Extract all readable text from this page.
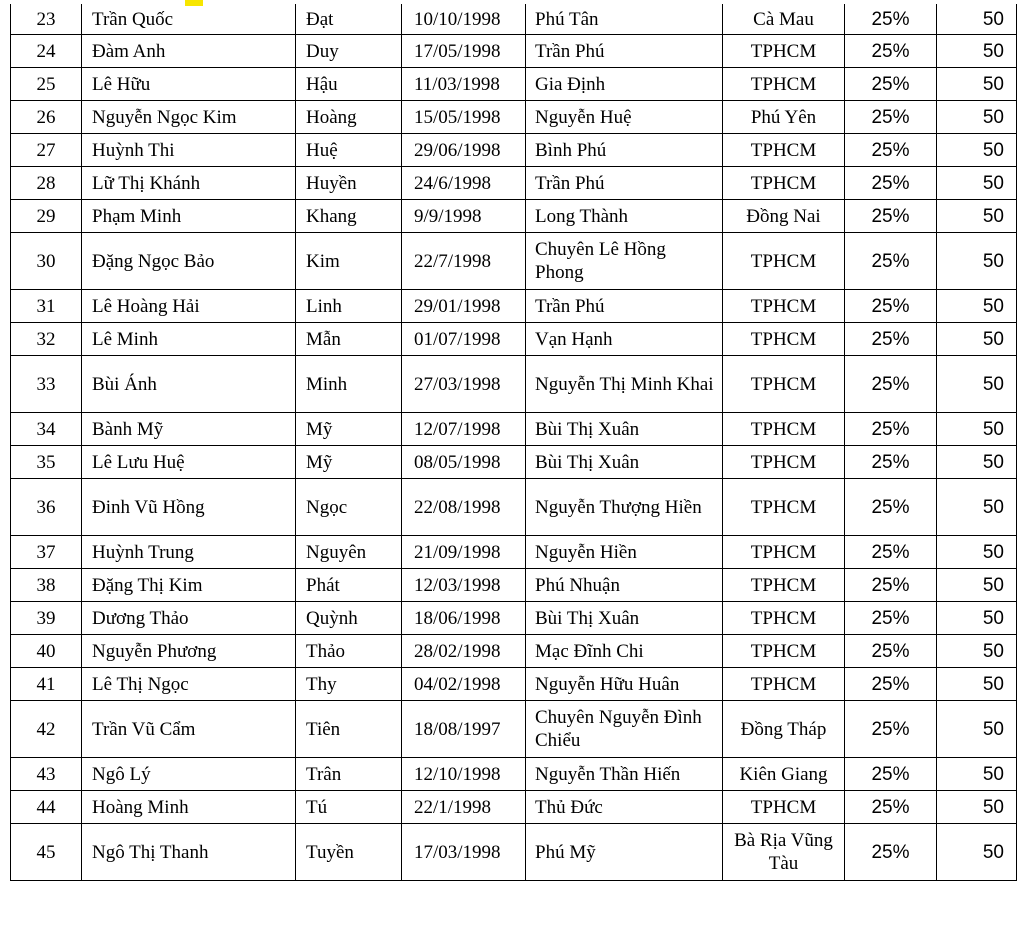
23	Trần Quốc	Đạt	10/10/1998	Phú Tân	Cà Mau	25%	50
24	Đàm Anh	Duy	17/05/1998	Trần Phú	TPHCM	25%	50
25	Lê Hữu	Hậu	11/03/1998	Gia Định	TPHCM	25%	50
26	Nguyễn Ngọc Kim	Hoàng	15/05/1998	Nguyễn Huệ	Phú Yên	25%	50
27	Huỳnh Thi	Huệ	29/06/1998	Bình Phú	TPHCM	25%	50
28	Lữ Thị Khánh	Huyền	24/6/1998	Trần Phú	TPHCM	25%	50
29	Phạm Minh	Khang	9/9/1998	Long Thành	Đồng Nai	25%	50
30	Đặng Ngọc Bảo	Kim	22/7/1998	Chuyên Lê Hồng Phong	TPHCM	25%	50
31	Lê Hoàng Hải	Linh	29/01/1998	Trần Phú	TPHCM	25%	50
32	Lê Minh	Mẫn	01/07/1998	Vạn Hạnh	TPHCM	25%	50
33	Bùi Ánh	Minh	27/03/1998	Nguyễn Thị Minh Khai	TPHCM	25%	50
34	Bành Mỹ	Mỹ	12/07/1998	Bùi Thị Xuân	TPHCM	25%	50
35	Lê Lưu Huệ	Mỹ	08/05/1998	Bùi Thị Xuân	TPHCM	25%	50
36	Đinh Vũ Hồng	Ngọc	22/08/1998	Nguyễn Thượng Hiền	TPHCM	25%	50
37	Huỳnh Trung	Nguyên	21/09/1998	Nguyễn Hiền	TPHCM	25%	50
38	Đặng Thị Kim	Phát	12/03/1998	Phú Nhuận	TPHCM	25%	50
39	Dương Thảo	Quỳnh	18/06/1998	Bùi Thị Xuân	TPHCM	25%	50
40	Nguyễn Phương	Thảo	28/02/1998	Mạc Đĩnh Chi	TPHCM	25%	50
41	Lê Thị Ngọc	Thy	04/02/1998	Nguyễn Hữu Huân	TPHCM	25%	50
42	Trần Vũ Cẩm	Tiên	18/08/1997	Chuyên Nguyễn Đình Chiểu	Đồng Tháp	25%	50
43	Ngô Lý	Trân	12/10/1998	Nguyễn Thần Hiến	Kiên Giang	25%	50
44	Hoàng Minh	Tú	22/1/1998	Thủ Đức	TPHCM	25%	50
45	Ngô Thị Thanh	Tuyền	17/03/1998	Phú Mỹ	Bà Rịa Vũng Tàu	25%	50
